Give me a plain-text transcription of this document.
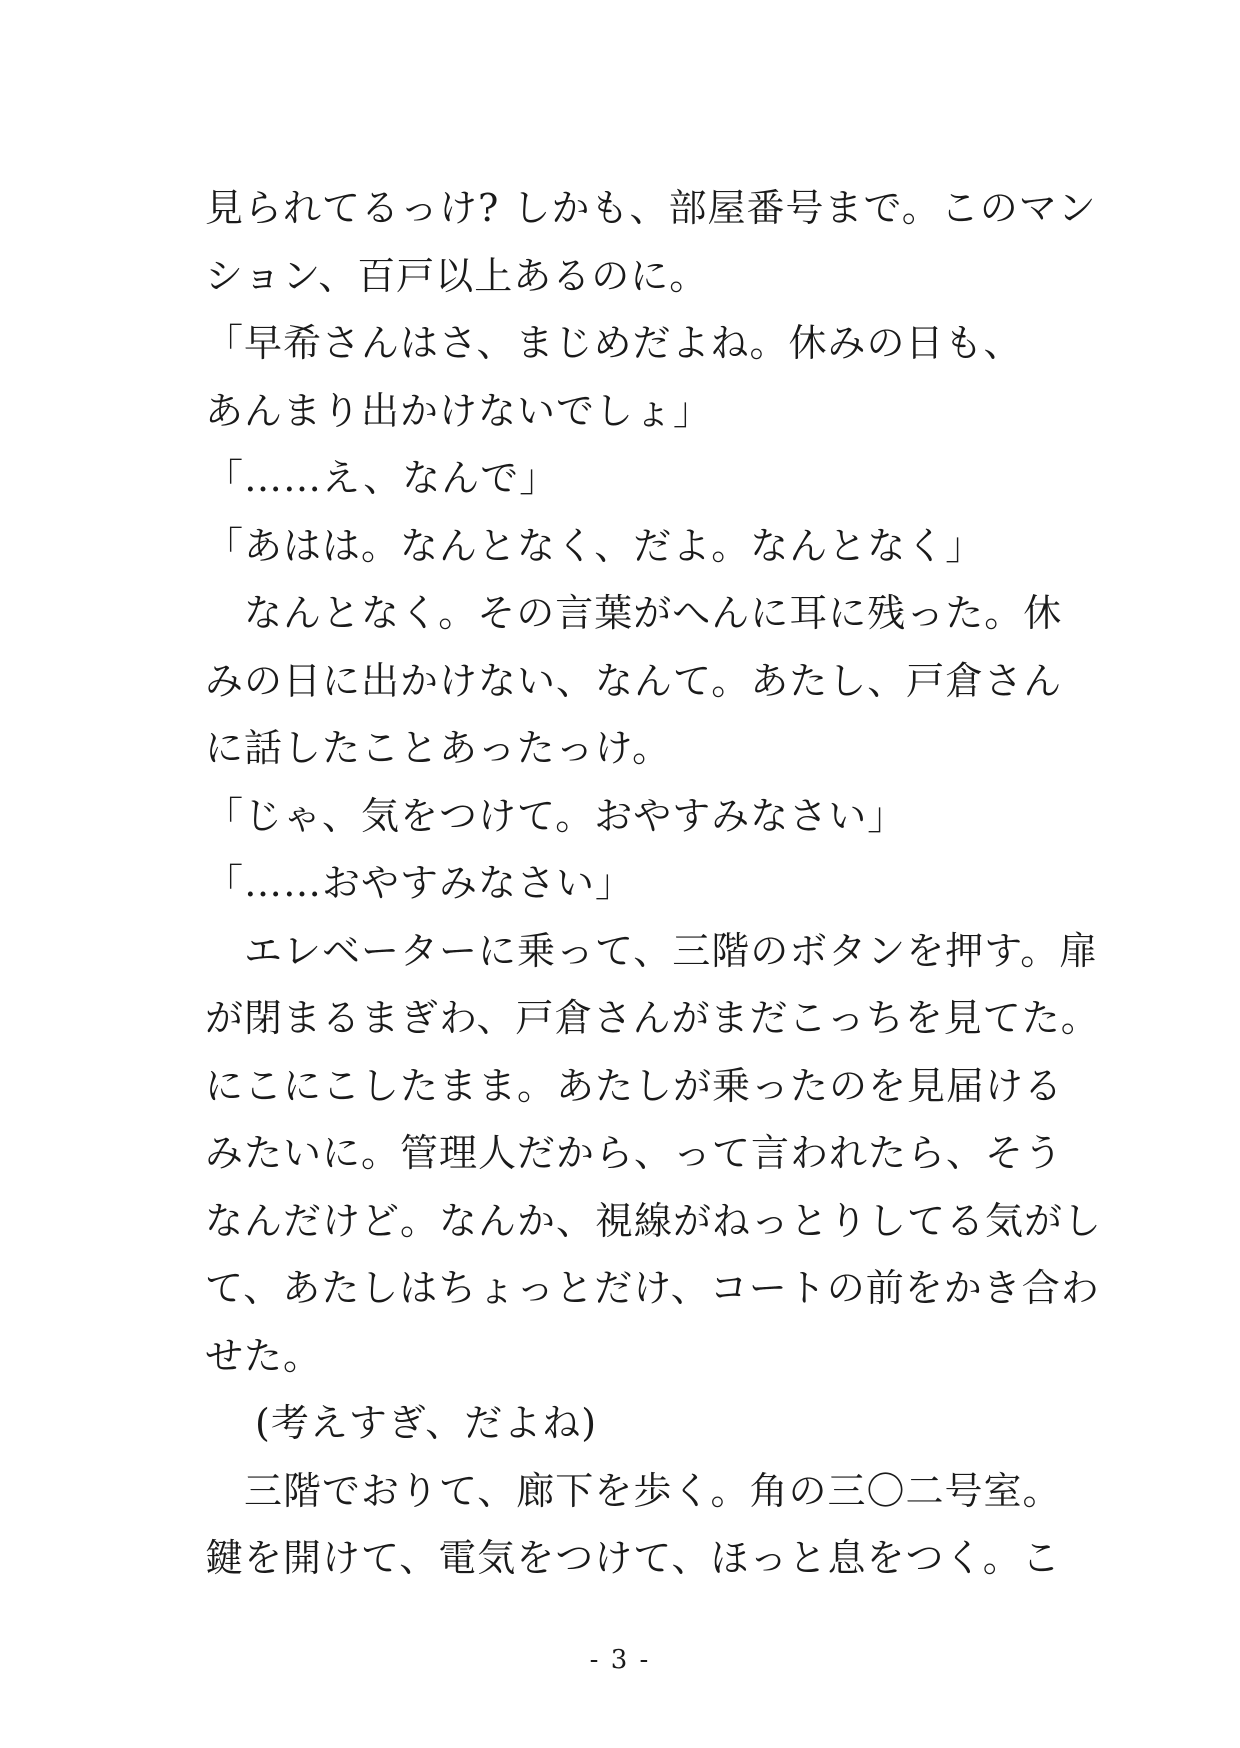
見られてるっけ? しかも、部屋番号まで。このマン
ション、百戸以上あるのに。
「早希さんはさ、まじめだよね。休みの日も、
あんまり出かけないでしょ」
「……え、なんで」
「あはは。なんとなく、だよ。なんとなく」
　なんとなく。その言葉がへんに耳に残った。休
みの日に出かけない、なんて。あたし、戸倉さん
に話したことあったっけ。
「じゃ、気をつけて。おやすみなさい」
「……おやすみなさい」
　エレベーターに乗って、三階のボタンを押す。扉
が閉まるまぎわ、戸倉さんがまだこっちを見てた。
にこにこしたまま。あたしが乗ったのを見届ける
みたいに。管理人だから、って言われたら、そう
なんだけど。なんか、視線がねっとりしてる気がし
て、あたしはちょっとだけ、コートの前をかき合わ
せた。
(考えすぎ、だよね)
　三階でおりて、廊下を歩く。角の三〇二号室。
鍵を開けて、電気をつけて、ほっと息をつく。こ
- 3 -
